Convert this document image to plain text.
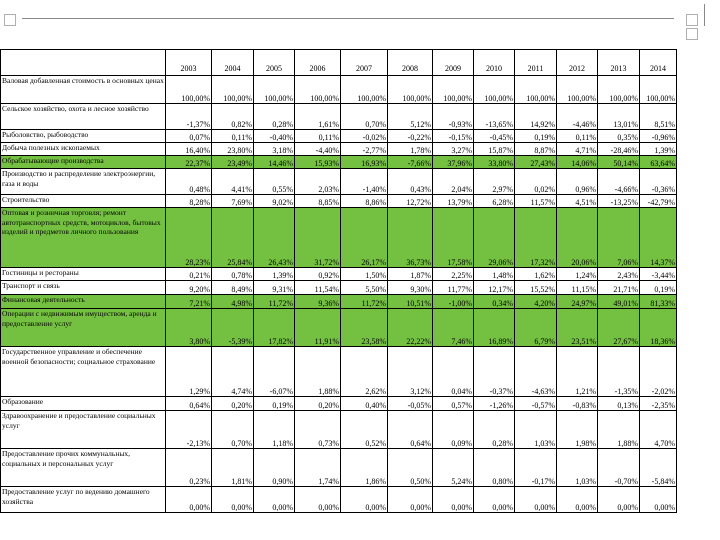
	2003	2004	2005	2006	2007	2008	2009	2010	2011	2012	2013	2014
Валовая добавленная стоимость в основных ценах	100,00%	100,00%	100,00%	100,00%	100,00%	100,00%	100,00%	100,00%	100,00%	100,00%	100,00%	100,00%
Сельское хозяйство, охота и лесное хозяйство	-1,37%	0,82%	0,28%	1,61%	0,70%	5,12%	-0,93%	-13,65%	14,92%	-4,46%	13,01%	8,51%
Рыболовство, рыбоводство	0,07%	0,11%	-0,40%	0,11%	-0,02%	-0,22%	-0,15%	-0,45%	0,19%	0,11%	0,35%	-0,96%
Добыча полезных ископаемых	16,40%	23,80%	3,18%	-4,40%	-2,77%	1,78%	3,27%	15,87%	8,87%	4,71%	-28,46%	1,39%
Обрабатывающие производства	22,37%	23,49%	14,46%	15,93%	16,93%	-7,66%	37,96%	33,80%	27,43%	14,06%	50,14%	63,64%
Производство и распределение электроэнергии, газа и воды	0,48%	4,41%	0,55%	2,03%	-1,40%	0,43%	2,04%	2,97%	0,02%	0,96%	-4,66%	-0,36%
Строительство	8,28%	7,69%	9,02%	8,85%	8,86%	12,72%	13,79%	6,28%	11,57%	4,51%	-13,25%	-42,79%
Оптовая и розничная торговля; ремонт автотранспортных средств, мотоциклов, бытовых изделий и предметов личного пользования	28,23%	25,84%	26,43%	31,72%	26,17%	36,73%	17,58%	29,06%	17,32%	20,06%	7,06%	14,37%
Гостиницы и рестораны	0,21%	0,78%	1,39%	0,92%	1,50%	1,87%	2,25%	1,48%	1,62%	1,24%	2,43%	-3,44%
Транспорт и связь	9,20%	8,49%	9,31%	11,54%	5,50%	9,30%	11,77%	12,17%	15,52%	11,15%	21,71%	0,19%
Финансовая деятельность	7,21%	4,98%	11,72%	9,36%	11,72%	10,51%	-1,00%	0,34%	4,20%	24,97%	49,01%	81,33%
Операции с недвижимым имуществом, аренда и предоставление услуг	3,80%	-5,39%	17,82%	11,91%	23,58%	22,22%	7,46%	16,89%	6,79%	23,51%	27,67%	18,36%
Государственное управление и обеспечение военной безопасности; социальное страхование	1,29%	4,74%	-6,07%	1,88%	2,62%	3,12%	0,04%	-0,37%	-4,63%	1,21%	-1,35%	-2,02%
Образование	0,64%	0,20%	0,19%	0,20%	0,40%	-0,05%	0,57%	-1,26%	-0,57%	-0,83%	0,13%	-2,35%
Здравоохранение и предоставление социальных услуг	-2,13%	0,70%	1,18%	0,73%	0,52%	0,64%	0,09%	0,28%	1,03%	1,98%	1,88%	4,70%
Предоставление прочих коммунальных, социальных и персональных услуг	0,23%	1,81%	0,90%	1,74%	1,86%	0,50%	5,24%	0,80%	-0,17%	1,03%	-0,70%	-5,84%
Предоставление услуг по ведению домашнего хозяйства	0,00%	0,00%	0,00%	0,00%	0,00%	0,00%	0,00%	0,00%	0,00%	0,00%	0,00%	0,00%
